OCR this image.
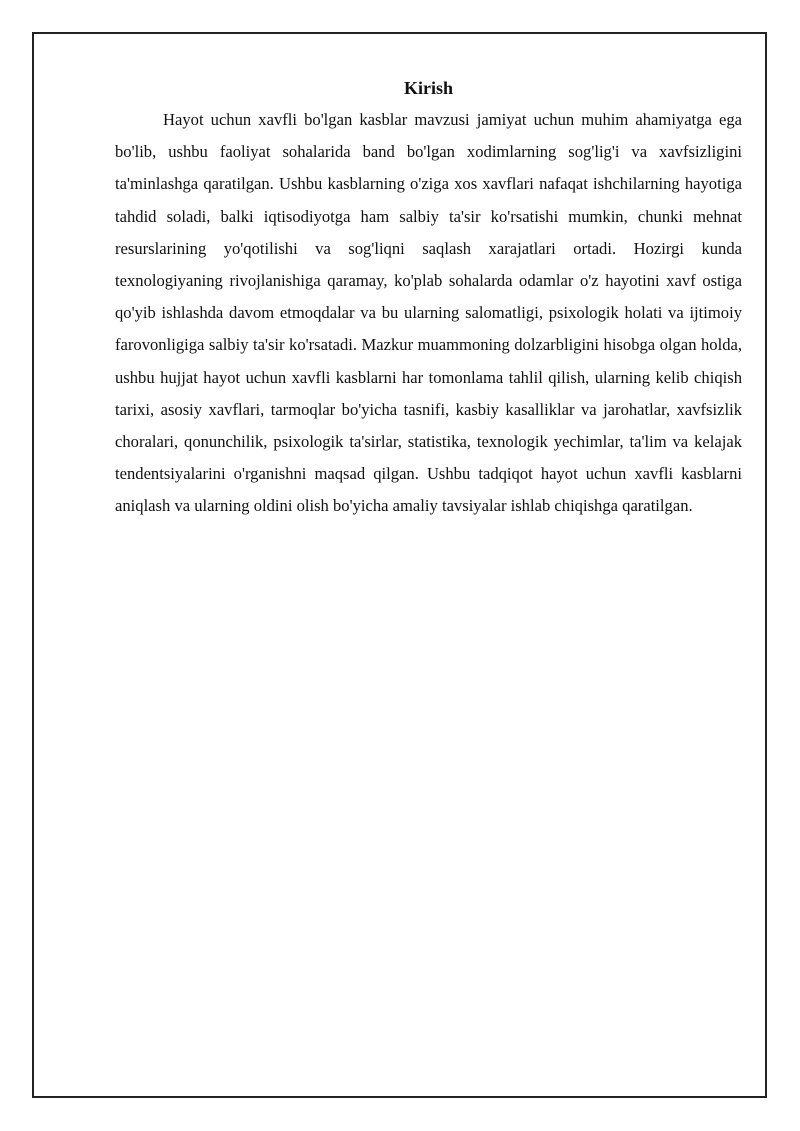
Kirish

Hayot uchun xavfli bo'lgan kasblar mavzusi jamiyat uchun muhim ahamiyatga ega bo'lib, ushbu faoliyat sohalarida band bo'lgan xodimlarning sog'lig'i va xavfsizligini ta'minlashga qaratilgan. Ushbu kasblarning o'ziga xos xavflari nafaqat ishchilarning hayotiga tahdid soladi, balki iqtisodiyotga ham salbiy ta'sir ko'rsatishi mumkin, chunki mehnat resurslarining yo'qotilishi va sog'liqni saqlash xarajatlari ortadi. Hozirgi kunda texnologiyaning rivojlanishiga qaramay, ko'plab sohalarda odamlar o'z hayotini xavf ostiga qo'yib ishlashda davom etmoqdalar va bu ularning salomatligi, psixologik holati va ijtimoiy farovonligiga salbiy ta'sir ko'rsatadi. Mazkur muammoning dolzarbligini hisobga olgan holda, ushbu hujjat hayot uchun xavfli kasblarni har tomonlama tahlil qilish, ularning kelib chiqish tarixi, asosiy xavflari, tarmoqlar bo'yicha tasnifi, kasbiy kasalliklar va jarohatlar, xavfsizlik choralari, qonunchilik, psixologik ta'sirlar, statistika, texnologik yechimlar, ta'lim va kelajak tendentsiyalarini o'rganishni maqsad qilgan. Ushbu tadqiqot hayot uchun xavfli kasblarni aniqlash va ularning oldini olish bo'yicha amaliy tavsiyalar ishlab chiqishga qaratilgan.
